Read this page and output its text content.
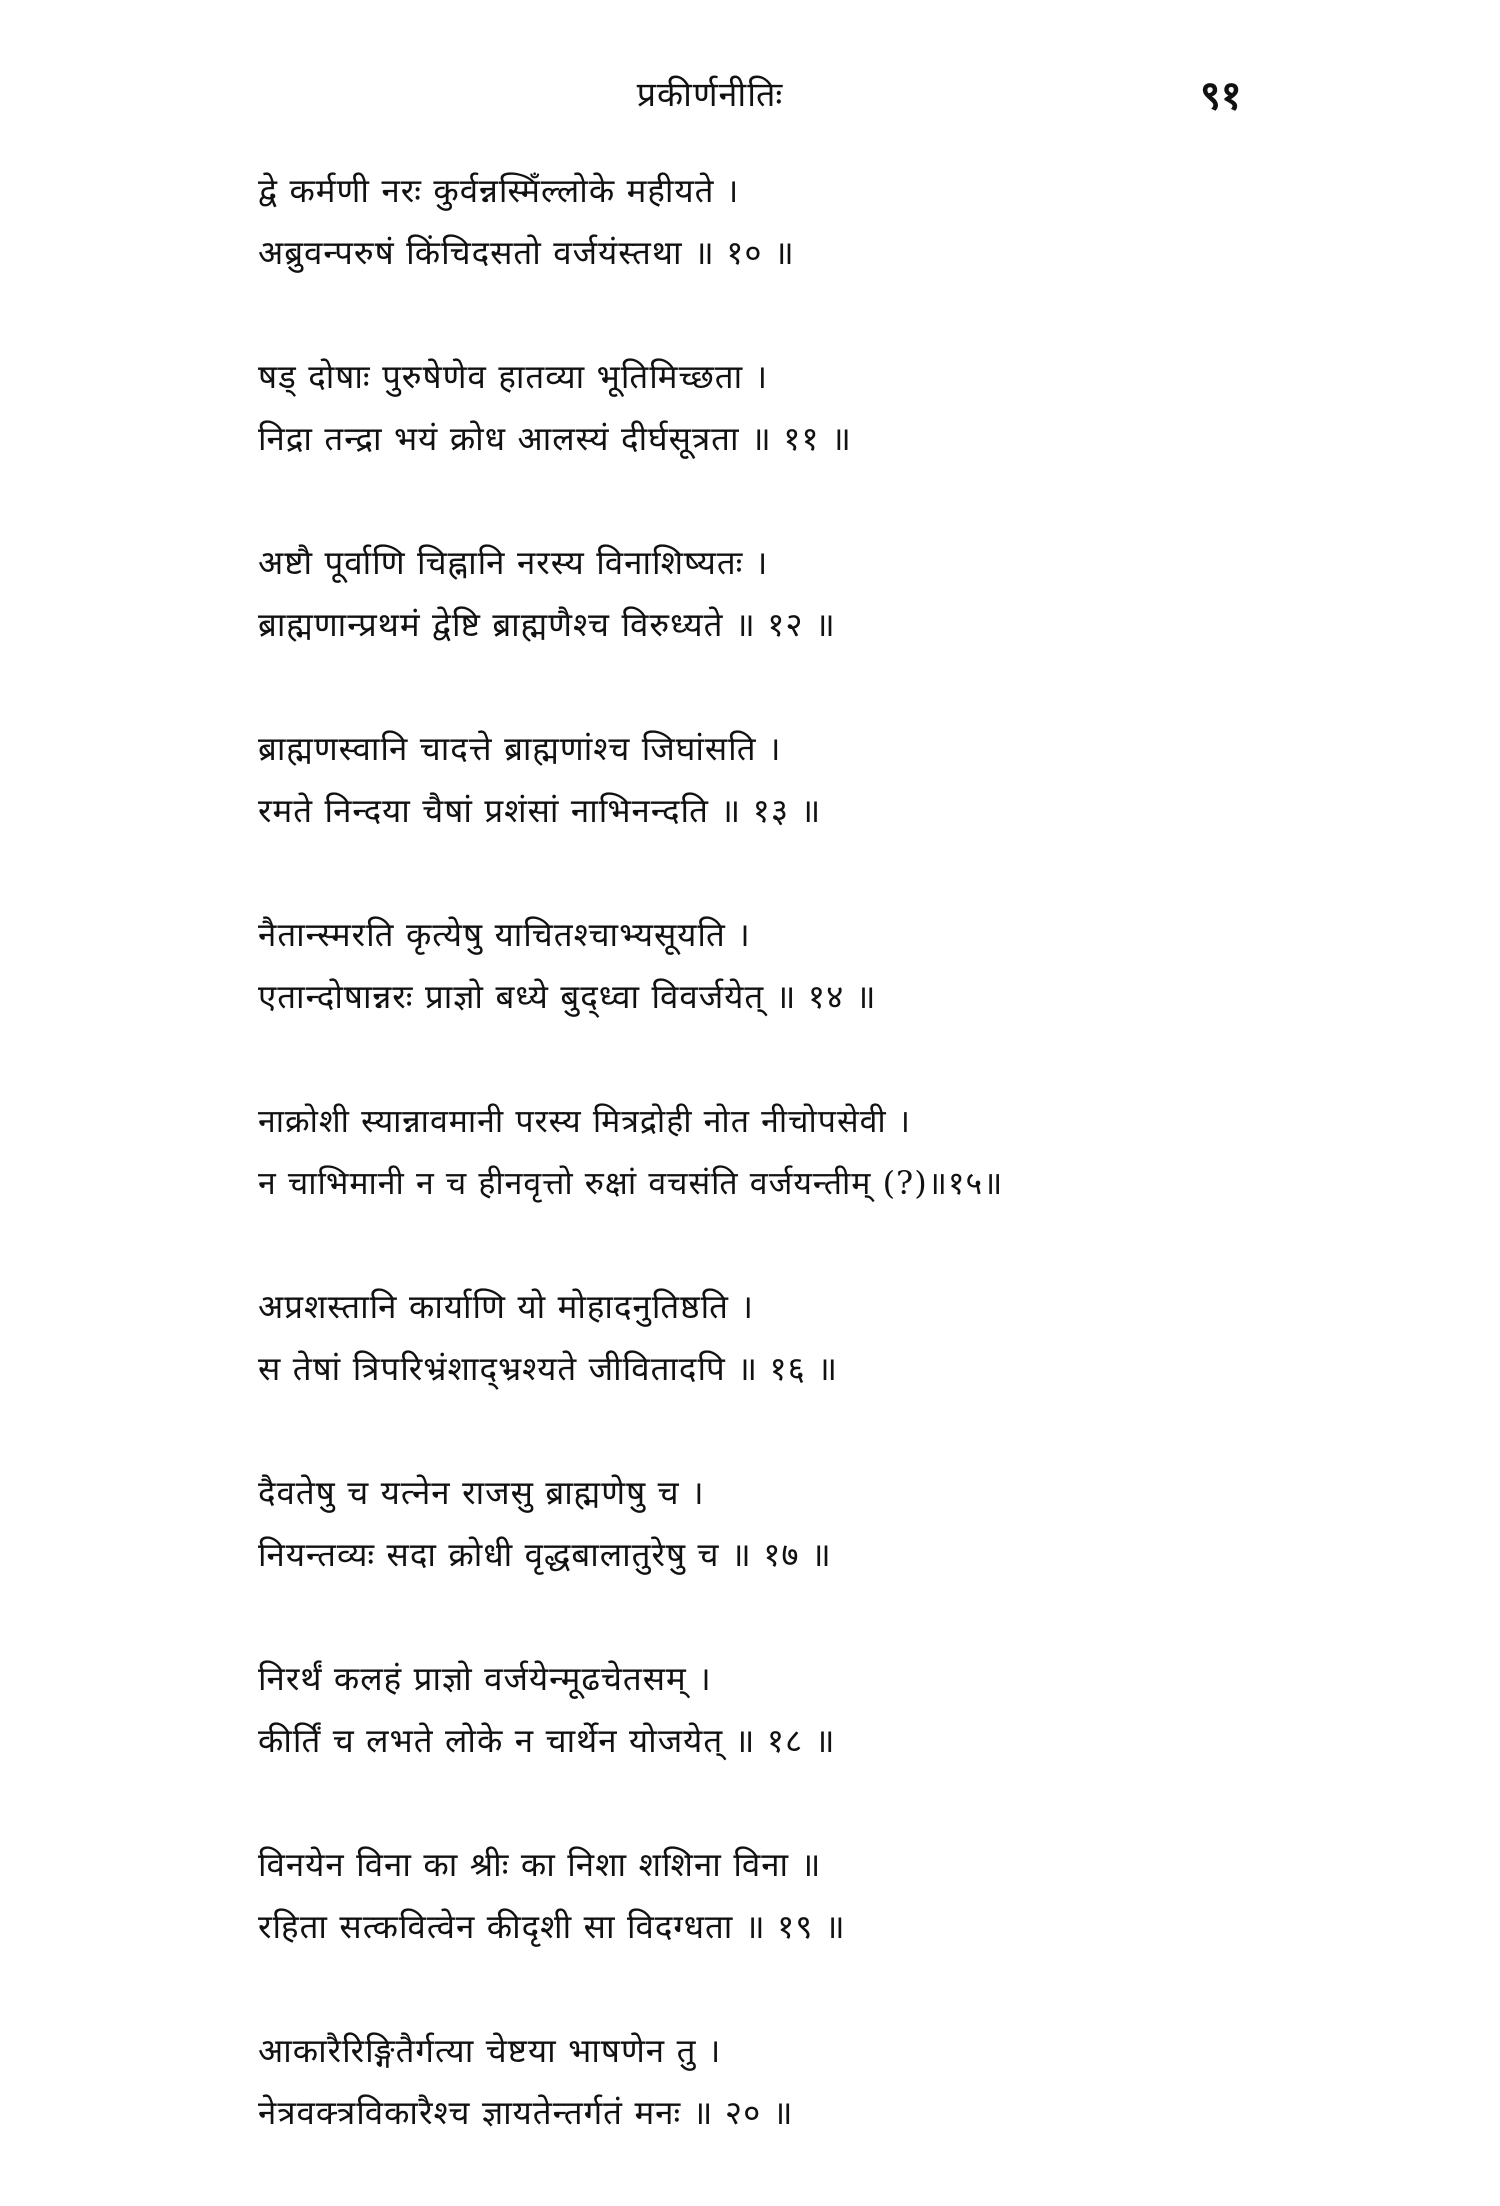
प्रकीर्णनीतिः	९१
द्वे कर्मणी नरः कुर्वन्नस्मिँल्लोके महीयते ।
अब्रुवन्परुषं किंचिदसतो वर्जयंस्तथा ॥ १० ॥
षड् दोषाः पुरुषेणेव हातव्या भूतिमिच्छता ।
निद्रा तन्द्रा भयं क्रोध आलस्यं दीर्घसूत्रता ॥ ११ ॥
अष्टौ पूर्वाणि चिह्नानि नरस्य विनाशिष्यतः ।
ब्राह्मणान्प्रथमं द्वेष्टि ब्राह्मणैश्च विरुध्यते ॥ १२ ॥
ब्राह्मणस्वानि चादत्ते ब्राह्मणांश्च जिघांसति ।
रमते निन्दया चैषां प्रशंसां नाभिनन्दति ॥ १३ ॥
नैतान्स्मरति कृत्येषु याचितश्चाभ्यसूयति ।
एतान्दोषान्नरः प्राज्ञो बध्ये बुद्ध्वा विवर्जयेत् ॥ १४ ॥
नाक्रोशी स्यान्नावमानी परस्य मित्रद्रोही नोत नीचोपसेवी ।
न चाभिमानी न च हीनवृत्तो रुक्षां वचसंति वर्जयन्तीम् (?)॥१५॥
अप्रशस्तानि कार्याणि यो मोहादनुतिष्ठति ।
स तेषां त्रिपरिभ्रंशाद्भ्रश्यते जीवितादपि ॥ १६ ॥
दैवतेषु च यत्नेन राजसु ब्राह्मणेषु च ।
नियन्तव्यः सदा क्रोधी वृद्धबालातुरेषु च ॥ १७ ॥
निरर्थं कलहं प्राज्ञो वर्जयेन्मूढचेतसम् ।
कीर्तिं च लभते लोके न चार्थेन योजयेत् ॥ १८ ॥
विनयेन विना का श्रीः का निशा शशिना विना ॥
रहिता सत्कवित्वेन कीदृशी सा विदग्धता ॥ १९ ॥
आकारैरिङ्गितैर्गत्या चेष्टया भाषणेन तु ।
नेत्रवक्त्रविकारैश्च ज्ञायतेन्तर्गतं मनः ॥ २० ॥
